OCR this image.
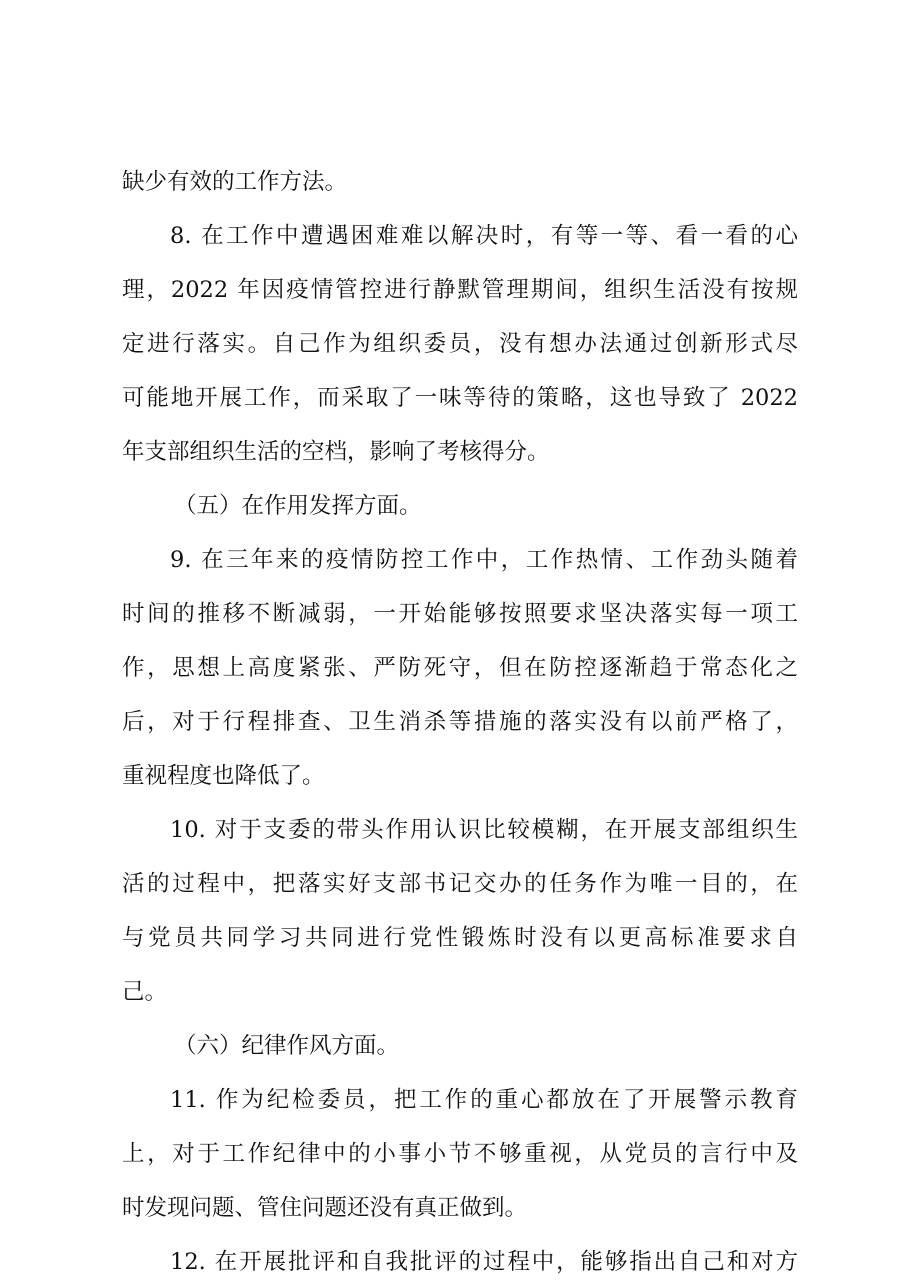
缺少有效的工作方法。
8. 在工作中遭遇困难难以解决时，有等一等、看一看的心
理，2022 年因疫情管控进行静默管理期间，组织生活没有按规
定进行落实。自己作为组织委员，没有想办法通过创新形式尽
可能地开展工作，而采取了一味等待的策略，这也导致了 2022
年支部组织生活的空档，影响了考核得分。
（五）在作用发挥方面。
9. 在三年来的疫情防控工作中，工作热情、工作劲头随着
时间的推移不断减弱，一开始能够按照要求坚决落实每一项工
作，思想上高度紧张、严防死守，但在防控逐渐趋于常态化之
后，对于行程排查、卫生消杀等措施的落实没有以前严格了，
重视程度也降低了。
10. 对于支委的带头作用认识比较模糊，在开展支部组织生
活的过程中，把落实好支部书记交办的任务作为唯一目的，在
与党员共同学习共同进行党性锻炼时没有以更高标准要求自
己。
（六）纪律作风方面。
11. 作为纪检委员，把工作的重心都放在了开展警示教育
上，对于工作纪律中的小事小节不够重视，从党员的言行中及
时发现问题、管住问题还没有真正做到。
12. 在开展批评和自我批评的过程中，能够指出自己和对方
